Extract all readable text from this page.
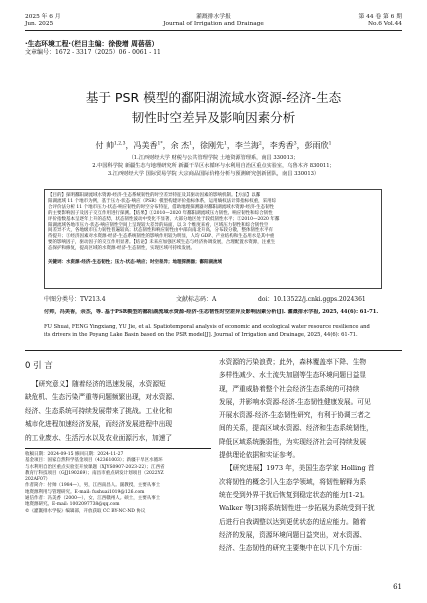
2025 年 6 月	灌溉排水学报	第 44 卷 第 6 期
Jun. 2025	Journal of Irrigation and Drainage	No.6 Vol.44
·生态环境工程·（栏目主编：徐俊增 周蓓蓓）
文章编号：1672 - 3317（2025）06 - 0061 - 11
基于 PSR 模型的鄱阳湖流域水资源-经济-生态
韧性时空差异及影响因素分析
付 帅$^{1,2,3}$，冯美香$^{1*}$，余 杰$^1$，徐刚先$^1$，李兰海$^2$，李秀香$^3$，彭雨欣$^1$
（1.江西财经大学 财税与公共管理学院 土地资源管理系，南昌 330013；
2.中国科学院 新疆生态与地理研究所 新疆干旱区水循环与水利用自治区重点实验室，乌鲁木齐 830011；
3.江西财经大学 国际贸易学院 大宗商品国际价格分析与预测研究创新团队，南昌 330013）
【目的】探明鄱阳湖流域水资源-经济-生态系统韧性的时空差异特征及其驱动因素的影响机制。【方法】以鄱
阳湖流域 11 个地市为例，基于压力-状态-响应（PSR）模型构建评价指标体系，运用熵权法计算指标权重，采用综
合评价法分析 11 个地市压力-状态-响应韧性的时空分布特征，借助地理探测器对鄱阳湖流域水资源-经济-生态韧性
的主要影响因子及因子交互作用进行探测。【结果】①2010—2020 年鄱阳湖流域压力韧性、响应韧性和综合韧性
评价指数基本呈逐年上升的态势，状态韧性波动中变化不显著，大部分地区处于较低韧性水平；②2010—2020 年鄱
阳湖流域各地市压力-状态-响应韧性空间上呈现较大差异的局面，以 3 个维度来看，区域压力韧性和综合韧性空
间差异不大，各地级市压力韧性普遍较高；状态韧性和响应韧性由中部向南北升高，分布较分散，整体韧性水平有
待提升；③经济因素对水资源-经济-生态系统韧性的影响作用较为明显，人均 GDP、产业结构和生态用水是其中重
要的影响因子，驱动因子的交互作用显著。【结论】未来应加强区域生态与经济协调发展，合理配置水资源，注重生
态保护和修复，提高区域的水资源-经济-生态韧性，实现区域可持续发展。
关键词：水资源-经济-生态韧性；压力-状态-响应；时空差异；地理探测器；鄱阳湖流域
中图分类号：TV213.4	文献标志码：A	doi：10.13522/j.cnki.ggps.2024361
付帅，冯美香，余杰，等. 基于PSR模型的鄱阳湖流域水资源-经济-生态韧性时空差异及影响因素分析[J]. 灌溉排水学报, 2025, 44(6): 61-71.
FU Shuai, FENG Yingxiang, YU Jie, et al. Spatiotemporal analysis of economic and ecological water resource resilience and
its drivers in the Poyang Lake Basin based on the PSR model[J]. Journal of Irrigation and Drainage, 2025, 44(6): 61-71.
0 引 言
【研究意义】随着经济的迅速发展，水资源短
缺危机、生态污染严重等问题频繁出现，对水资源、
经济、生态系统可持续发展带来了挑战。工业化和
城市化进程加速经济发展，而经济发展进程中出现
的工业废水、生活污水以及农业面源污水，加速了
收稿日期：2024-09-15 修回日期：2024-11-27
基金项目：国家自然科学基金项目（42361003）；新疆干旱区水循环
与水利用自治区重点实验室开放课题（XJYS0907-2023-22）；江西省
教育厅科技项目（GJJ190269）；南昌市重点研发计划项目（2022YZ
202AF07）
作者简介：付帅（1984—），男，江西南昌人。副教授，主要从事土
地资源利用与管理研究。E-mail: fushuai1019@126.com
通信作者：冯美香（2000—），女，江西赣州人。硕士，主要从事土
地资源研究。E-mail: 1002097738@qq.com
©《灌溉排水学报》编辑部，开放获取 CC BY-NC-ND 协议
水资源的污染浪费；此外，森林覆盖率下降、生物
多样性减少、水土流失加剧等生态环境问题日益显
现，严重威胁着整个社会经济生态系统的可持续
发展，并影响水资源-经济-生态韧性健康发展。可见
开展水资源-经济-生态韧性研究，有利于协调三者之
间的关系，提高区域水资源、经济和生态系统韧性，
降低区域系统脆弱性，为实现经济社会可持续发展
提供理论依据和实证参考。
【研究进展】1973 年，美国生态学家 Holling 首
次将韧性的概念引入生态学领域，将韧性解释为系
统在受到外界干扰后恢复到稳定状态的能力[1-2]。
Walker 等[3]将系统韧性进一步拓展为系统受到干扰
后进行自我调整以达到更优状态的适应能力。随着
经济的发展，资源环境问题日益突出，对水资源、
经济、生态韧性的研究主要集中在以下几个方面：
61
